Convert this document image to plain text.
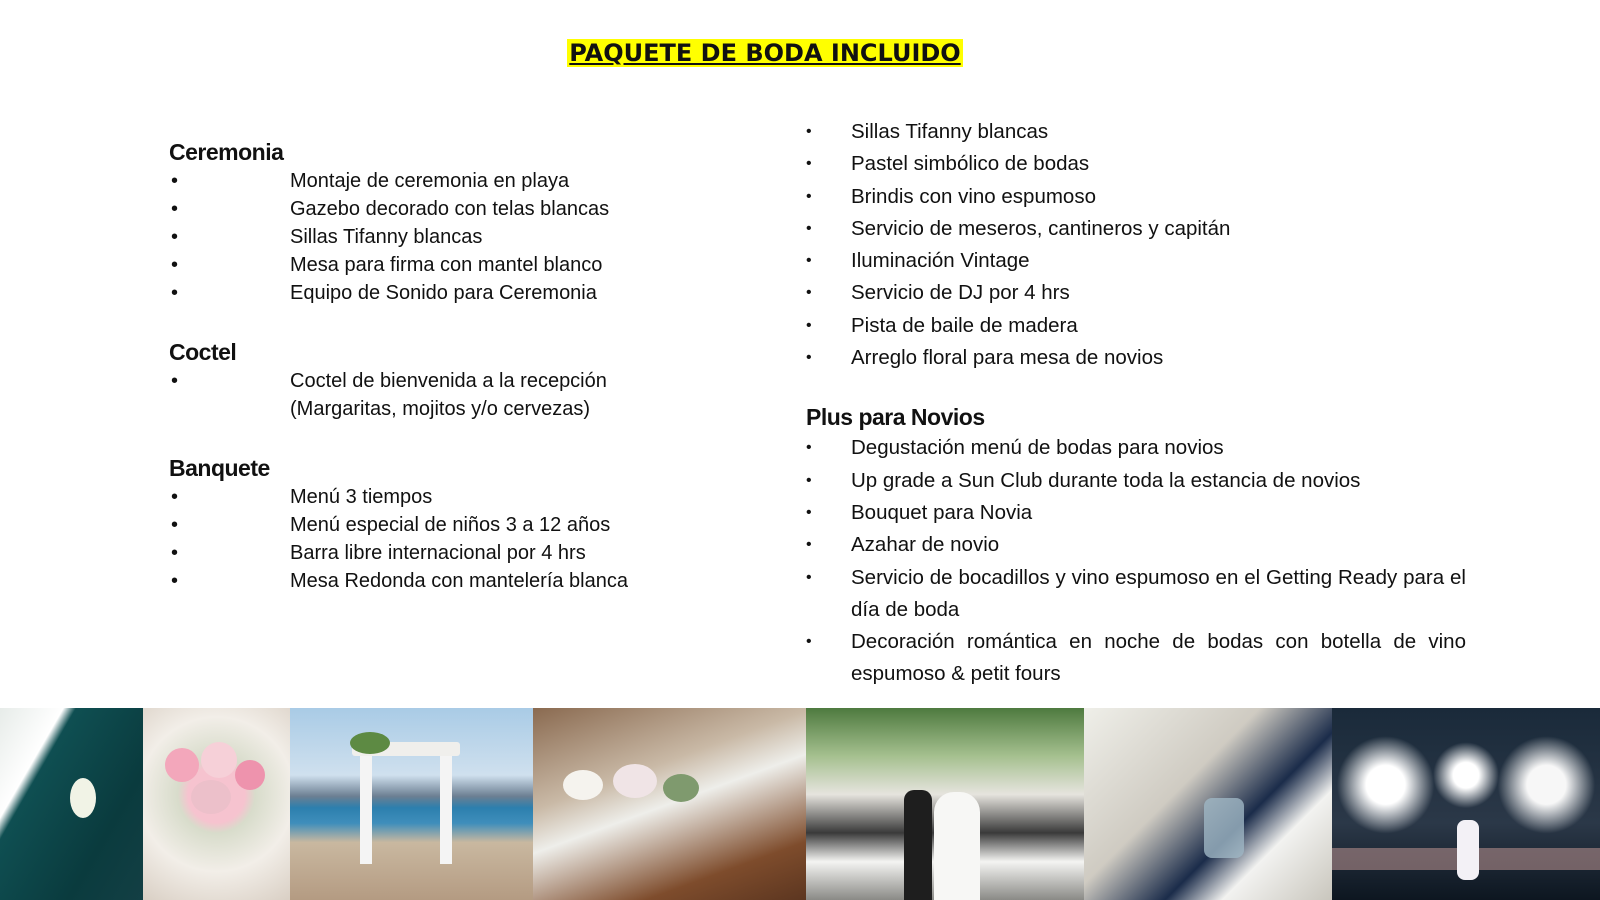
PAQUETE DE BODA INCLUIDO
Ceremonia
•	Montaje de ceremonia en playa
•	Gazebo decorado con telas blancas
•	Sillas Tifanny blancas
•	Mesa para firma con mantel blanco
•	Equipo de Sonido para Ceremonia
Coctel
•	Coctel de bienvenida a la recepción
(Margaritas, mojitos y/o cervezas)
Banquete
•	Menú 3 tiempos
•	Menú especial de niños 3 a 12 años
•	Barra libre internacional por 4 hrs
•	Mesa Redonda con mantelería blanca
• Sillas Tifanny blancas
• Pastel simbólico de bodas
• Brindis con vino espumoso
• Servicio de meseros, cantineros y capitán
• Iluminación Vintage
• Servicio de DJ por 4 hrs
• Pista de baile de madera
• Arreglo floral para mesa de novios
Plus para Novios
• Degustación menú de bodas para novios
• Up grade a Sun Club durante toda la estancia de novios
• Bouquet para Novia
• Azahar de novio
• Servicio de bocadillos y vino espumoso en el Getting Ready para el día de boda
• Decoración romántica en noche de bodas con botella de vino espumoso & petit fours
